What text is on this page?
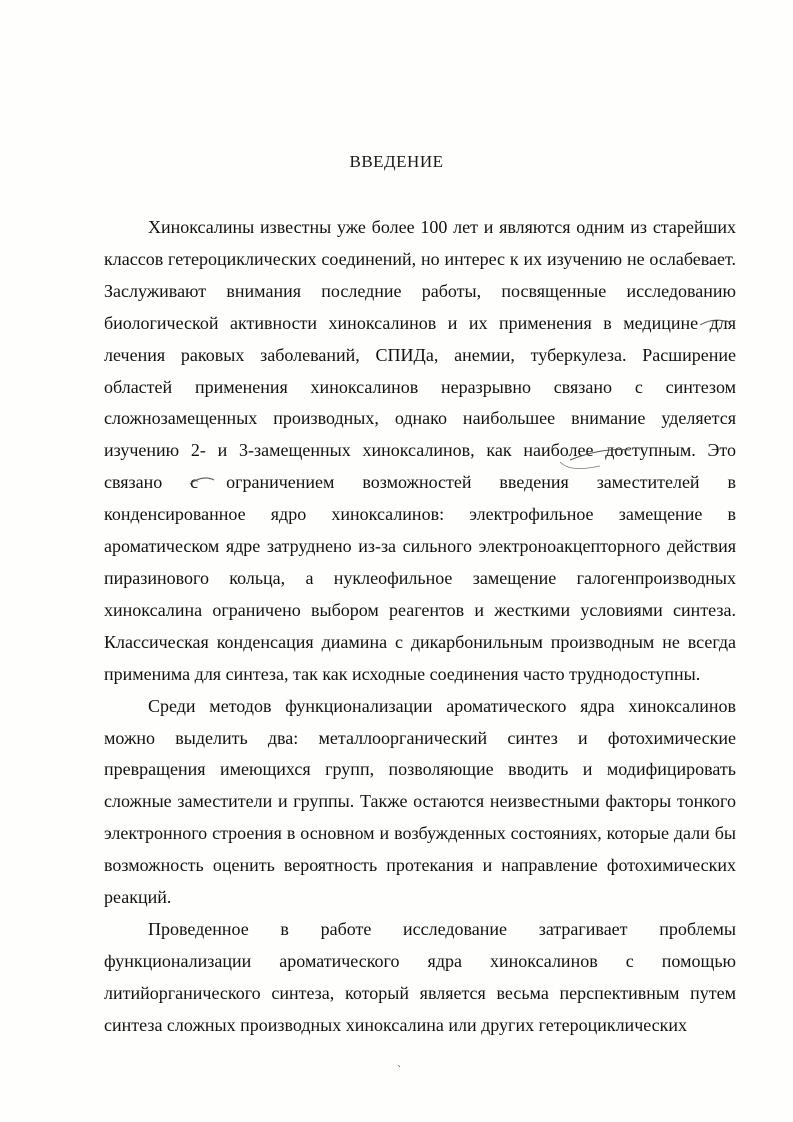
ВВЕДЕНИЕ

Хиноксалины известны уже более 100 лет и являются одним из старейших классов гетероциклических соединений, но интерес к их изучению не ослабевает. Заслуживают внимания последние работы, посвященные исследованию биологической активности хиноксалинов и их применения в медицине для лечения раковых заболеваний, СПИДа, анемии, туберкулеза. Расширение областей применения хиноксалинов неразрывно связано с синтезом сложнозамещенных производных, однако наибольшее внимание уделяется изучению 2- и 3-замещенных хиноксалинов, как наиболее доступным. Это связано с ограничением возможностей введения заместителей в конденсированное ядро хиноксалинов: электрофильное замещение в ароматическом ядре затруднено из-за сильного электроноакцепторного действия пиразинового кольца, а нуклеофильное замещение галогенпроизводных хиноксалина ограничено выбором реагентов и жесткими условиями синтеза. Классическая конденсация диамина с дикарбонильным производным не всегда применима для синтеза, так как исходные соединения часто труднодоступны.

Среди методов функционализации ароматического ядра хиноксалинов можно выделить два: металлоорганический синтез и фотохимические превращения имеющихся групп, позволяющие вводить и модифицировать сложные заместители и группы. Также остаются неизвестными факторы тонкого электронного строения в основном и возбужденных состояниях, которые дали бы возможность оценить вероятность протекания и направление фотохимических реакций.

Проведенное в работе исследование затрагивает проблемы функционализации ароматического ядра хиноксалинов с помощью литийорганического синтеза, который является весьма перспективным путем синтеза сложных производных хиноксалина или других гетероциклических

`
